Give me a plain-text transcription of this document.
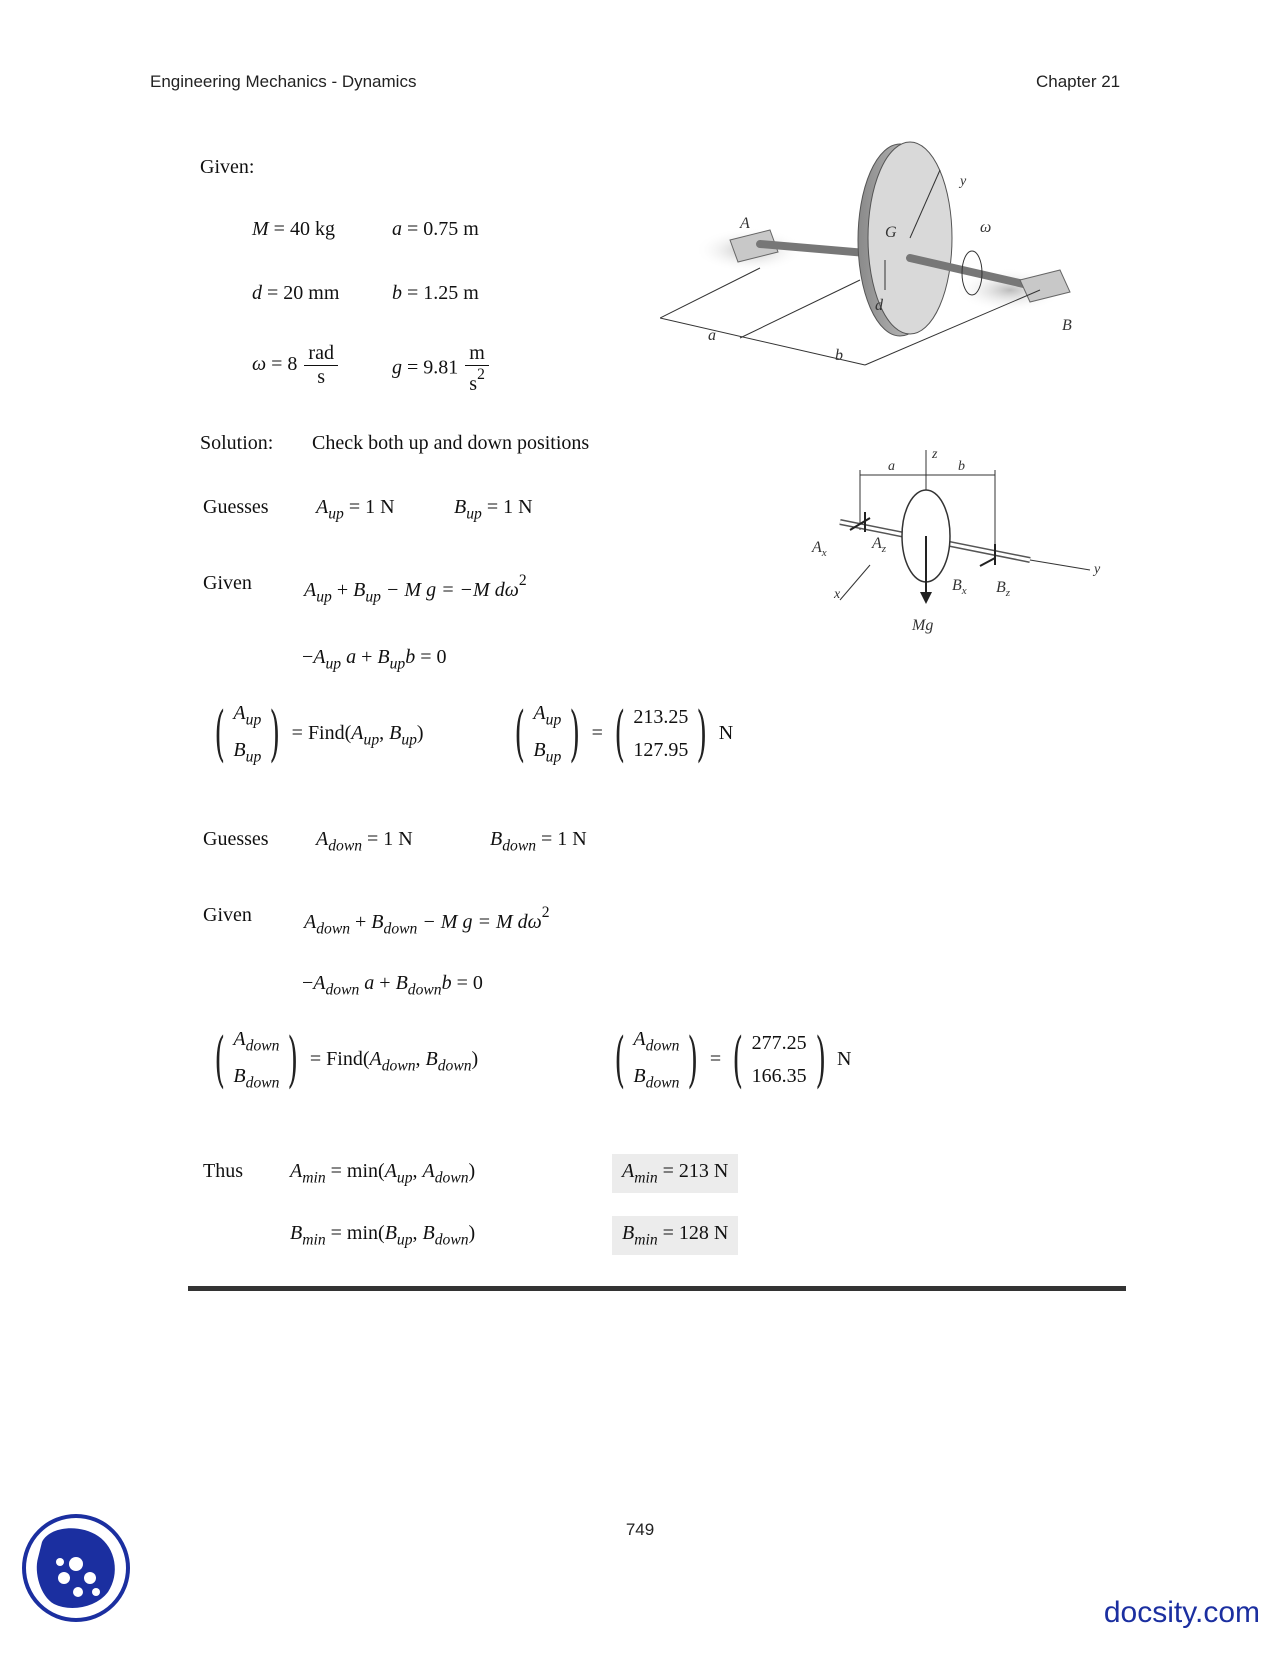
Engineering Mechanics - Dynamics	Chapter 21
Given:
M = 40 kg	a = 0.75 m
d = 20 mm	b = 1.25 m
$\omega = 8 \frac{\text{rad}}{s}$	$g = 9.81 \frac{m}{s^2}$
A
G
y
ω
d
B
a
b
z
a	b
$A_x$
$A_z$
x
$B_x$ $B_z$
y
Mg
Solution: Check both up and down positions
Guesses $A_{up} = 1$ N	$B_{up} = 1$ N
Given	$A_{up} + B_{up} - M$ g = −M $d\omega^2$
$-A_{up}$ $a + B_{up}b = 0$
( $A_{up}$
$B_{up}$ ) = $Find(A_{up}$, $B_{up}$) ( $A_{up}$
$B_{up}$ ) = ( 213.25
127.95 ) N
Guesses $A_{down} = 1$ N	$B_{down} = 1$ N
Given	$A_{down} + B_{down} - M$ g = M $d\omega^2$
$-A_{down}$ $a + B_{down}b = 0$
( $A_{down}$
$B_{down}$ ) = $Find(A_{down}$, $B_{down}$) ( $A_{down}$
$B_{down}$ ) = ( 277.25
166.35 ) N
Thus $A_{min} = \min(A_{up}$, $A_{down}$)	$A_{min} = 213$ N
$B_{min} = \min(B_{up}$, $B_{down}$)	$B_{min} = 128$ N
749
docsity.com
